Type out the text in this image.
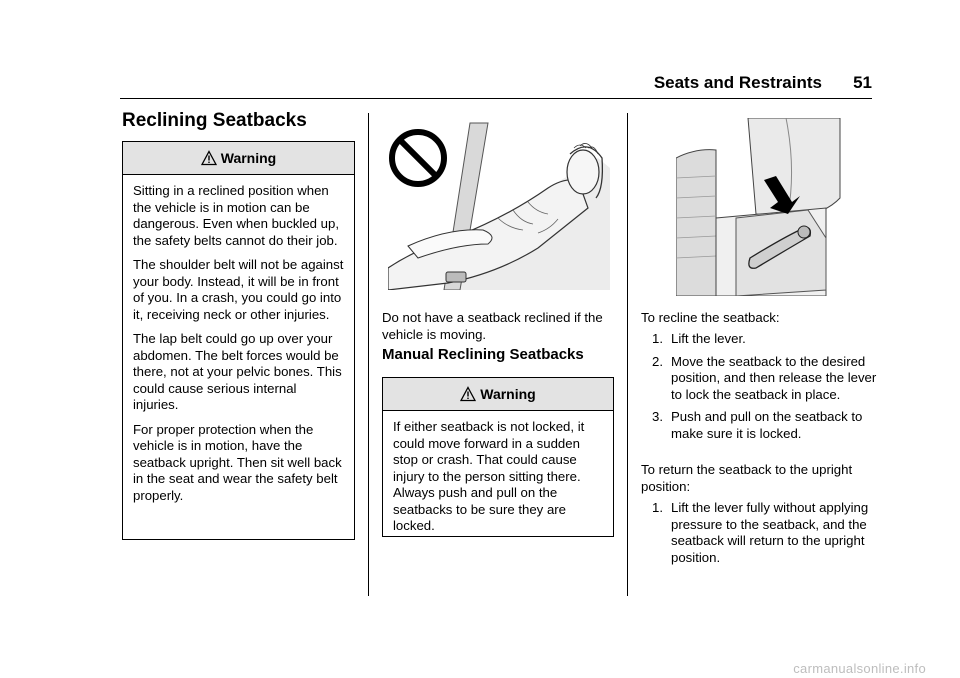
Seats and Restraints 51
Reclining Seatbacks
Warning

Sitting in a reclined position when the vehicle is in motion can be dangerous. Even when buckled up, the safety belts cannot do their job.

The shoulder belt will not be against your body. Instead, it will be in front of you. In a crash, you could go into it, receiving neck or other injuries.

The lap belt could go up over your abdomen. The belt forces would be there, not at your pelvic bones. This could cause serious internal injuries.

For proper protection when the vehicle is in motion, have the seatback upright. Then sit well back in the seat and wear the safety belt properly.

Do not have a seatback reclined if the vehicle is moving.

Manual Reclining Seatbacks
Warning

If either seatback is not locked, it could move forward in a sudden stop or crash. That could cause injury to the person sitting there. Always push and pull on the seatbacks to be sure they are locked.

To recline the seatback:

1. Lift the lever.
2. Move the seatback to the desired position, and then release the lever to lock the seatback in place.
3. Push and pull on the seatback to make sure it is locked.

To return the seatback to the upright position:

1. Lift the lever fully without applying pressure to the seatback, and the seatback will return to the upright position.
carmanualsonline.info
